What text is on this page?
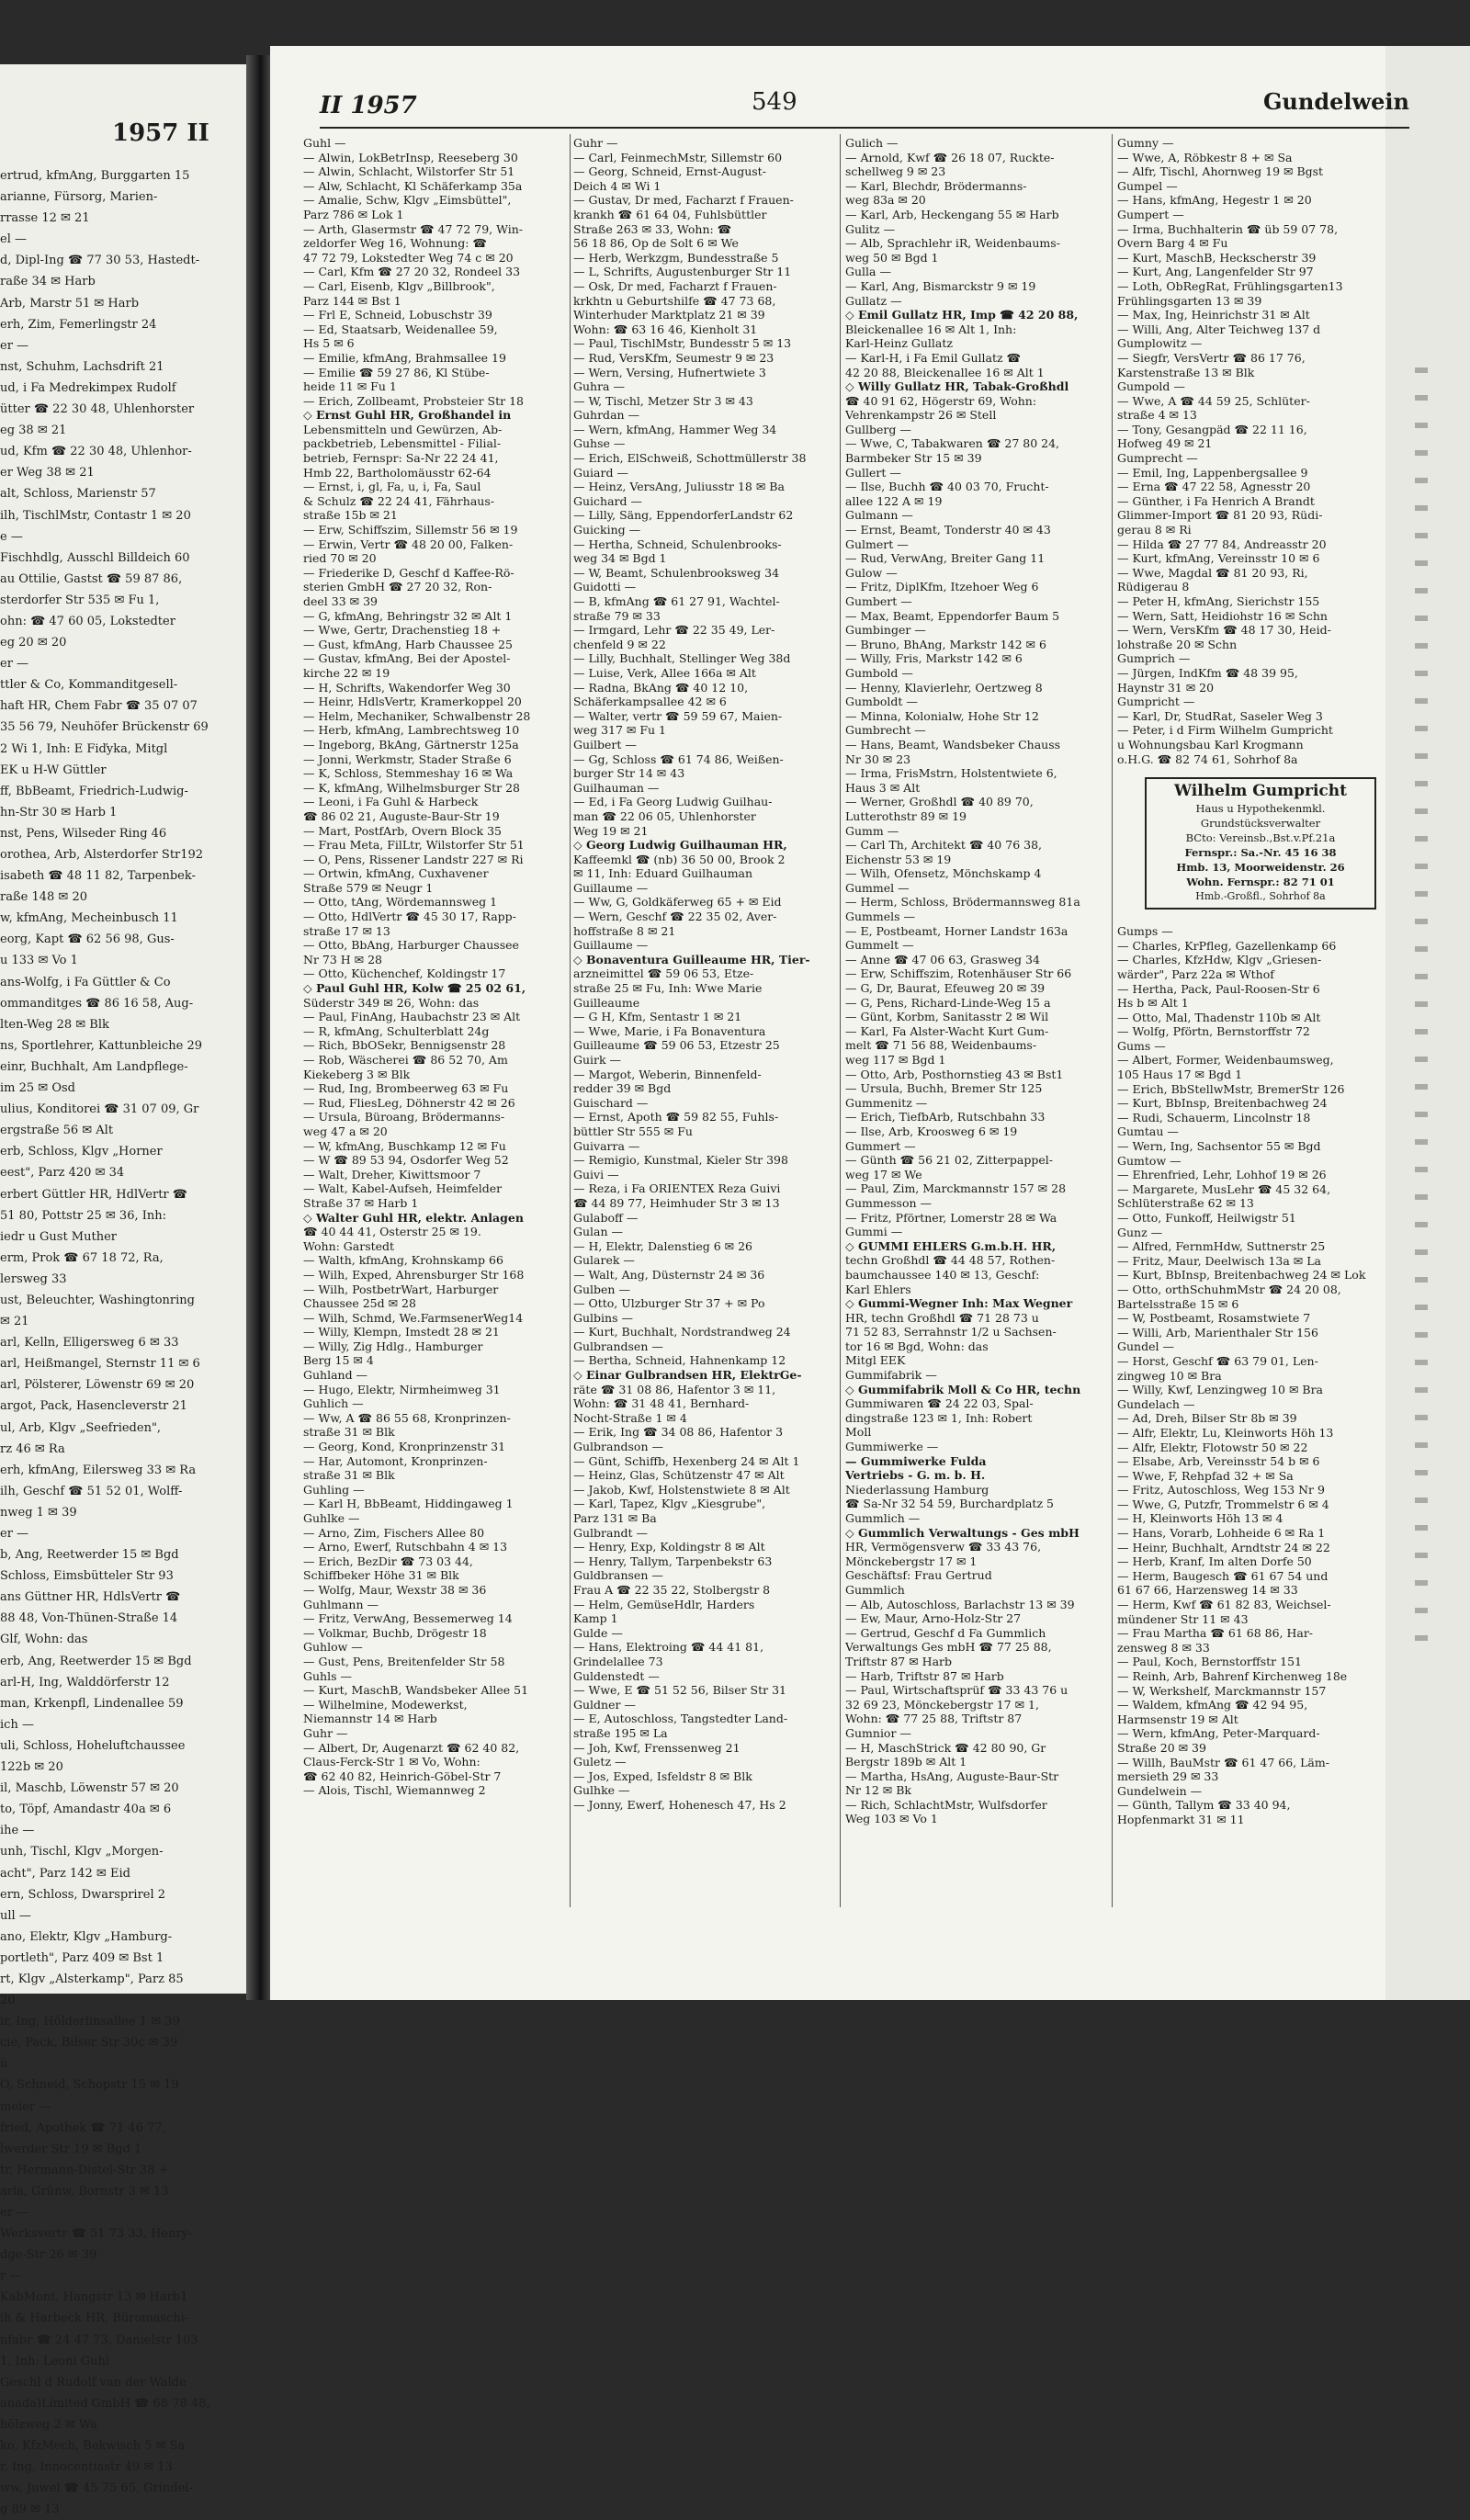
1957 II
ertrud, kfmAng, Burggarten 15
arianne, Fürsorg, Marien-
rrasse 12 ✉ 21
el —
d, Dipl-Ing ☎ 77 30 53, Hastedt-
raße 34 ✉ Harb
Arb, Marstr 51 ✉ Harb
erh, Zim, Femerlingstr 24
er —
nst, Schuhm, Lachsdrift 21
ud, i Fa Medrekimpex Rudolf
ütter ☎ 22 30 48, Uhlenhorster
eg 38 ✉ 21
ud, Kfm ☎ 22 30 48, Uhlenhor-
er Weg 38 ✉ 21
alt, Schloss, Marienstr 57
ilh, TischlMstr, Contastr 1 ✉ 20
e —
Fischhdlg, Ausschl Billdeich 60
au Ottilie, Gastst ☎ 59 87 86,
sterdorfer Str 535 ✉ Fu 1,
ohn: ☎ 47 60 05, Lokstedter
eg 20 ✉ 20
er —
ttler & Co, Kommanditgesell-
haft HR, Chem Fabr ☎ 35 07 07
35 56 79, Neuhöfer Brückenstr 69
2 Wi 1, Inh: E Fiďyka, Mitgl
EK u H-W Güttler
ff, BbBeamt, Friedrich-Ludwig-
hn-Str 30 ✉ Harb 1
nst, Pens, Wilseder Ring 46
orothea, Arb, Alsterdorfer Str192
isabeth ☎ 48 11 82, Tarpenbek-
raße 148 ✉ 20
w, kfmAng, Mecheinbusch 11
eorg, Kapt ☎ 62 56 98, Gus-
u 133 ✉ Vo 1
ans-Wolfg, i Fa Güttler & Co
ommanditges ☎ 86 16 58, Aug-
lten-Weg 28 ✉ Blk
ns, Sportlehrer, Kattunbleiche 29
einr, Buchhalt, Am Landpflege-
im 25 ✉ Osd
ulius, Konditorei ☎ 31 07 09, Gr
ergstraße 56 ✉ Alt
erb, Schloss, Klgv „Horner
eest", Parz 420 ✉ 34
erbert Güttler HR, HdlVertr ☎
51 80, Pottstr 25 ✉ 36, Inh:
iedr u Gust Muther
erm, Prok ☎ 67 18 72, Ra,
lersweg 33
ust, Beleuchter, Washingtonring
✉ 21
arl, Kelln, Elligersweg 6 ✉ 33
arl, Heißmangel, Sternstr 11 ✉ 6
arl, Pölsterer, Löwenstr 69 ✉ 20
argot, Pack, Hasencleverstr 21
ul, Arb, Klgv „Seefrieden",
rz 46 ✉ Ra
erh, kfmAng, Eilersweg 33 ✉ Ra
ilh, Geschf ☎ 51 52 01, Wolff-
nweg 1 ✉ 39
er —
b, Ang, Reetwerder 15 ✉ Bgd
Schloss, Eimsbütteler Str 93
ans Güttner HR, HdlsVertr ☎
88 48, Von-Thünen-Straße 14
Glf, Wohn: das
erb, Ang, Reetwerder 15 ✉ Bgd
arl-H, Ing, Walddörferstr 12
man, Krkenpfl, Lindenallee 59
ich —
uli, Schloss, Hoheluftchaussee
122b ✉ 20
il, Maschb, Löwenstr 57 ✉ 20
to, Töpf, Amandastr 40a ✉ 6
ihe —
unh, Tischl, Klgv „Morgen-
acht", Parz 142 ✉ Eid
ern, Schloss, Dwarsprirel 2
ull —
ano, Elektr, Klgv „Hamburg-
portleth", Parz 409 ✉ Bst 1
rt, Klgv „Alsterkamp", Parz 85
20
ir, Ing, Hölderlinsallee 1 ✉ 39
cie, Pack, Bilser Str 30c ✉ 39
ü
O, Schneid, Schopstr 15 ✉ 19
meier —
fried, Apothek ☎ 71 46 77,
lwerder Str 19 ✉ Bgd 1
tr, Hermann-Distel-Str 38 +
arla, Grünw, Bornstr 3 ✉ 13
er —
Werksvertr ☎ 51 73 33, Henry-
dge-Str 26 ✉ 39
r —
KabMont, Hangstr 13 ✉ Harb1
ih & Harbeck HR, Büromaschi-
nfabr ☎ 24 47 73, Danielstr 103
1, Inh: Leoni Guhl
Geschl d Rudolf van der Walde
anada)Limited GmbH ☎ 68 78 48,
hölzweg 2 ✉ Wa
ko, KfzMech, Bekwisch 5 ✉ Sa
r, Ing, Innocentiastr 49 ✉ 13
ww, Juwel ☎ 45 75 65, Grindel-
g 89 ✉ 13
II 1957	549	Gundelwein
Guhl —
— Alwin, LokBetrInsp, Reeseberg 30
— Alwin, Schlacht, Wilstorfer Str 51
— Alw, Schlacht, Kl Schäferkamp 35a
— Amalie, Schw, Klgv „Eimsbüttel",
Parz 786 ✉ Lok 1
— Arth, Glasermstr ☎ 47 72 79, Win-
zeldorfer Weg 16, Wohnung: ☎
47 72 79, Lokstedter Weg 74 c ✉ 20
— Carl, Kfm ☎ 27 20 32, Rondeel 33
— Carl, Eisenb, Klgv „Billbrook",
Parz 144 ✉ Bst 1
— Frl E, Schneid, Lobuschstr 39
— Ed, Staatsarb, Weidenallee 59,
Hs 5 ✉ 6
— Emilie, kfmAng, Brahmsallee 19
— Emilie ☎ 59 27 86, Kl Stübe-
heide 11 ✉ Fu 1
— Erich, Zollbeamt, Probsteier Str 18
◇ Ernst Guhl HR, Großhandel in
Lebensmitteln und Gewürzen, Ab-
packbetrieb, Lebensmittel - Filial-
betrieb, Fernspr: Sa-Nr 22 24 41,
Hmb 22, Bartholomäusstr 62-64
— Ernst, i, gl, Fa, u, i, Fa, Saul
& Schulz ☎ 22 24 41, Fährhaus-
straße 15b ✉ 21
— Erw, Schiffszim, Sillemstr 56 ✉ 19
— Erwin, Vertr ☎ 48 20 00, Falken-
ried 70 ✉ 20
— Friederike D, Geschf d Kaffee-Rö-
sterien GmbH ☎ 27 20 32, Ron-
deel 33 ✉ 39
— G, kfmAng, Behringstr 32 ✉ Alt 1
— Wwe, Gertr, Drachenstieg 18 +
— Gust, kfmAng, Harb Chaussee 25
— Gustav, kfmAng, Bei der Apostel-
kirche 22 ✉ 19
— H, Schrifts, Wakendorfer Weg 30
— Heinr, HdlsVertr, Kramerkoppel 20
— Helm, Mechaniker, Schwalbenstr 28
— Herb, kfmAng, Lambrechtsweg 10
— Ingeborg, BkAng, Gärtnerstr 125a
— Jonni, Werkmstr, Stader Straße 6
— K, Schloss, Stemmeshay 16 ✉ Wa
— K, kfmAng, Wilhelmsburger Str 28
— Leoni, i Fa Guhl & Harbeck
☎ 86 02 21, Auguste-Baur-Str 19
— Mart, PostfArb, Overn Block 35
— Frau Meta, FilLtr, Wilstorfer Str 51
— O, Pens, Rissener Landstr 227 ✉ Ri
— Ortwin, kfmAng, Cuxhavener
Straße 579 ✉ Neugr 1
— Otto, tAng, Wördemannsweg 1
— Otto, HdlVertr ☎ 45 30 17, Rapp-
straße 17 ✉ 13
— Otto, BbAng, Harburger Chaussee
Nr 73 H ✉ 28
— Otto, Küchenchef, Koldingstr 17
◇ Paul Guhl HR, Kolw ☎ 25 02 61,
Süderstr 349 ✉ 26, Wohn: das
— Paul, FinAng, Haubachstr 23 ✉ Alt
— R, kfmAng, Schulterblatt 24g
— Rich, BbOSekr, Bennigsenstr 28
— Rob, Wäscherei ☎ 86 52 70, Am
Kiekeberg 3 ✉ Blk
— Rud, Ing, Brombeerweg 63 ✉ Fu
— Rud, FliesLeg, Döhnerstr 42 ✉ 26
— Ursula, Büroang, Brödermanns-
weg 47 a ✉ 20
— W, kfmAng, Buschkamp 12 ✉ Fu
— W ☎ 89 53 94, Osdorfer Weg 52
— Walt, Dreher, Kiwittsmoor 7
— Walt, Kabel-Aufseh, Heimfelder
Straße 37 ✉ Harb 1
◇ Walter Guhl HR, elektr. Anlagen
☎ 40 44 41, Osterstr 25 ✉ 19.
Wohn: Garstedt
— Walth, kfmAng, Krohnskamp 66
— Wilh, Exped, Ahrensburger Str 168
— Wilh, PostbetrWart, Harburger
Chaussee 25d ✉ 28
— Wilh, Schmd, We.FarmsenerWeg14
— Willy, Klempn, Imstedt 28 ✉ 21
— Willy, Zig Hdlg., Hamburger
Berg 15 ✉ 4
Guhland —
— Hugo, Elektr, Nirmheimweg 31
Guhlich —
— Ww, A ☎ 86 55 68, Kronprinzen-
straße 31 ✉ Blk
— Georg, Kond, Kronprinzenstr 31
— Har, Automont, Kronprinzen-
straße 31 ✉ Blk
Guhling —
— Karl H, BbBeamt, Hiddingaweg 1
Guhlke —
— Arno, Zim, Fischers Allee 80
— Arno, Ewerf, Rutschbahn 4 ✉ 13
— Erich, BezDir ☎ 73 03 44,
Schiffbeker Höhe 31 ✉ Blk
— Wolfg, Maur, Wexstr 38 ✉ 36
Guhlmann —
— Fritz, VerwAng, Bessemerweg 14
— Volkmar, Buchb, Drögestr 18
Guhlow —
— Gust, Pens, Breitenfelder Str 58
Guhls —
— Kurt, MaschB, Wandsbeker Allee 51
— Wilhelmine, Modewerkst,
Niemannstr 14 ✉ Harb
Guhr —
— Albert, Dr, Augenarzt ☎ 62 40 82,
Claus-Ferck-Str 1 ✉ Vo, Wohn:
☎ 62 40 82, Heinrich-Göbel-Str 7
— Alois, Tischl, Wiemannweg 2
Guhr —
— Carl, FeinmechMstr, Sillemstr 60
— Georg, Schneid, Ernst-August-
Deich 4 ✉ Wi 1
— Gustav, Dr med, Facharzt f Frauen-
krankh ☎ 61 64 04, Fuhlsbüttler
Straße 263 ✉ 33, Wohn: ☎
56 18 86, Op de Solt 6 ✉ We
— Herb, Werkzgm, Bundesstraße 5
— L, Schrifts, Augustenburger Str 11
— Osk, Dr med, Facharzt f Frauen-
krkhtn u Geburtshilfe ☎ 47 73 68,
Winterhuder Marktplatz 21 ✉ 39
Wohn: ☎ 63 16 46, Kienholt 31
— Paul, TischlMstr, Bundesstr 5 ✉ 13
— Rud, VersKfm, Seumestr 9 ✉ 23
— Wern, Versing, Hufnertwiete 3
Guhra —
— W, Tischl, Metzer Str 3 ✉ 43
Guhrdan —
— Wern, kfmAng, Hammer Weg 34
Guhse —
— Erich, ElSchweiß, Schottmüllerstr 38
Guiard —
— Heinz, VersAng, Juliusstr 18 ✉ Ba
Guichard —
— Lilly, Säng, EppendorferLandstr 62
Guicking —
— Hertha, Schneid, Schulenbrooks-
weg 34 ✉ Bgd 1
— W, Beamt, Schulenbrooksweg 34
Guidotti —
— B, kfmAng ☎ 61 27 91, Wachtel-
straße 79 ✉ 33
— Irmgard, Lehr ☎ 22 35 49, Ler-
chenfeld 9 ✉ 22
— Lilly, Buchhalt, Stellinger Weg 38d
— Luise, Verk, Allee 166a ✉ Alt
— Radna, BkAng ☎ 40 12 10,
Schäferkampsallee 42 ✉ 6
— Walter, vertr ☎ 59 59 67, Maien-
weg 317 ✉ Fu 1
Guilbert —
— Gg, Schloss ☎ 61 74 86, Weißen-
burger Str 14 ✉ 43
Guilhauman —
— Ed, i Fa Georg Ludwig Guilhau-
man ☎ 22 06 05, Uhlenhorster
Weg 19 ✉ 21
◇ Georg Ludwig Guilhauman HR,
Kaffeemkl ☎ (nb) 36 50 00, Brook 2
✉ 11, Inh: Eduard Guilhauman
Guillaume —
— Ww, G, Goldkäferweg 65 + ✉ Eid
— Wern, Geschf ☎ 22 35 02, Aver-
hoffstraße 8 ✉ 21
Guillaume —
◇ Bonaventura Guilleaume HR, Tier-
arzneimittel ☎ 59 06 53, Etze-
straße 25 ✉ Fu, Inh: Wwe Marie
Guilleaume
— G H, Kfm, Sentastr 1 ✉ 21
— Wwe, Marie, i Fa Bonaventura
Guilleaume ☎ 59 06 53, Etzestr 25
Guirk —
— Margot, Weberin, Binnenfeld-
redder 39 ✉ Bgd
Guischard —
— Ernst, Apoth ☎ 59 82 55, Fuhls-
büttler Str 555 ✉ Fu
Guivarra —
— Remigio, Kunstmal, Kieler Str 398
Guivi —
— Reza, i Fa ORIENTEX Reza Guivi
☎ 44 89 77, Heimhuder Str 3 ✉ 13
Gulaboff —
Gulan —
— H, Elektr, Dalenstieg 6 ✉ 26
Gularek —
— Walt, Ang, Düsternstr 24 ✉ 36
Gulben —
— Otto, Ulzburger Str 37 + ✉ Po
Gulbins —
— Kurt, Buchhalt, Nordstrandweg 24
Gulbrandsen —
— Bertha, Schneid, Hahnenkamp 12
◇ Einar Gulbrandsen HR, ElektrGe-
räte ☎ 31 08 86, Hafentor 3 ✉ 11,
Wohn: ☎ 31 48 41, Bernhard-
Nocht-Straße 1 ✉ 4
— Erik, Ing ☎ 34 08 86, Hafentor 3
Gulbrandson —
— Günt, Schiffb, Hexenberg 24 ✉ Alt 1
— Heinz, Glas, Schützenstr 47 ✉ Alt
— Jakob, Kwf, Holstenstwiete 8 ✉ Alt
— Karl, Tapez, Klgv „Kiesgrube",
Parz 131 ✉ Ba
Gulbrandt —
— Henry, Exp, Koldingstr 8 ✉ Alt
— Henry, Tallym, Tarpenbekstr 63
Guldbransen —
Frau A ☎ 22 35 22, Stolbergstr 8
— Helm, GemüseHdlr, Harders
Kamp 1
Gulde —
— Hans, Elektroing ☎ 44 41 81,
Grindelallee 73
Guldenstedt —
— Wwe, E ☎ 51 52 56, Bilser Str 31
Guldner —
— E, Autoschloss, Tangstedter Land-
straße 195 ✉ La
— Joh, Kwf, Frenssenweg 21
Guletz —
— Jos, Exped, Isfeldstr 8 ✉ Blk
Gulhke —
— Jonny, Ewerf, Hohenesch 47, Hs 2
Gulich —
— Arnold, Kwf ☎ 26 18 07, Ruckte-
schellweg 9 ✉ 23
— Karl, Blechdr, Brödermanns-
weg 83a ✉ 20
— Karl, Arb, Heckengang 55 ✉ Harb
Gulitz —
— Alb, Sprachlehr iR, Weidenbaums-
weg 50 ✉ Bgd 1
Gulla —
— Karl, Ang, Bismarckstr 9 ✉ 19
Gullatz —
◇ Emil Gullatz HR, Imp ☎ 42 20 88,
Bleickenallee 16 ✉ Alt 1, Inh:
Karl-Heinz Gullatz
— Karl-H, i Fa Emil Gullatz ☎
42 20 88, Bleickenallee 16 ✉ Alt 1
◇ Willy Gullatz HR, Tabak-Großhdl
☎ 40 91 62, Högerstr 69, Wohn:
Vehrenkampstr 26 ✉ Stell
Gullberg —
— Wwe, C, Tabakwaren ☎ 27 80 24,
Barmbeker Str 15 ✉ 39
Gullert —
— Ilse, Buchh ☎ 40 03 70, Frucht-
allee 122 A ✉ 19
Gulmann —
— Ernst, Beamt, Tonderstr 40 ✉ 43
Gulmert —
— Rud, VerwAng, Breiter Gang 11
Gulow —
— Fritz, DiplKfm, Itzehoer Weg 6
Gumbert —
— Max, Beamt, Eppendorfer Baum 5
Gumbinger —
— Bruno, BhAng, Markstr 142 ✉ 6
— Willy, Fris, Markstr 142 ✉ 6
Gumbold —
— Henny, Klavierlehr, Oertzweg 8
Gumboldt —
— Minna, Kolonialw, Hohe Str 12
Gumbrecht —
— Hans, Beamt, Wandsbeker Chauss
Nr 30 ✉ 23
— Irma, FrisMstrn, Holstentwiete 6,
Haus 3 ✉ Alt
— Werner, Großhdl ☎ 40 89 70,
Lutterothstr 89 ✉ 19
Gumm —
— Carl Th, Architekt ☎ 40 76 38,
Eichenstr 53 ✉ 19
— Wilh, Ofensetz, Mönchskamp 4
Gummel —
— Herm, Schloss, Brödermannsweg 81a
Gummels —
— E, Postbeamt, Horner Landstr 163a
Gummelt —
— Anne ☎ 47 06 63, Grasweg 34
— Erw, Schiffszim, Rotenhäuser Str 66
— G, Dr, Baurat, Efeuweg 20 ✉ 39
— G, Pens, Richard-Linde-Weg 15 a
— Günt, Korbm, Sanitasstr 2 ✉ Wil
— Karl, Fa Alster-Wacht Kurt Gum-
melt ☎ 71 56 88, Weidenbaums-
weg 117 ✉ Bgd 1
— Otto, Arb, Posthornstieg 43 ✉ Bst1
— Ursula, Buchh, Bremer Str 125
Gummenitz —
— Erich, TiefbArb, Rutschbahn 33
— Ilse, Arb, Kroosweg 6 ✉ 19
Gummert —
— Günth ☎ 56 21 02, Zitterpappel-
weg 17 ✉ We
— Paul, Zim, Marckmannstr 157 ✉ 28
Gummesson —
— Fritz, Pförtner, Lomerstr 28 ✉ Wa
Gummi —
◇ GUMMI EHLERS G.m.b.H. HR,
techn Großhdl ☎ 44 48 57, Rothen-
baumchaussee 140 ✉ 13, Geschf:
Karl Ehlers
◇ Gummi-Wegner Inh: Max Wegner
HR, techn Großhdl ☎ 71 28 73 u
71 52 83, Serrahnstr 1/2 u Sachsen-
tor 16 ✉ Bgd, Wohn: das
Mitgl EEK
Gummifabrik —
◇ Gummifabrik Moll & Co HR, techn
Gummiwaren ☎ 24 22 03, Spal-
dingstraße 123 ✉ 1, Inh: Robert
Moll
Gummiwerke —
— Gummiwerke Fulda
Vertriebs - G. m. b. H.
Niederlassung Hamburg
☎ Sa-Nr 32 54 59, Burchardplatz 5
Gummlich —
◇ Gummlich Verwaltungs - Ges mbH
HR, Vermögensverw ☎ 33 43 76,
Mönckebergstr 17 ✉ 1
Geschäftsf: Frau Gertrud
Gummlich
— Alb, Autoschloss, Barlachstr 13 ✉ 39
— Ew, Maur, Arno-Holz-Str 27
— Gertrud, Geschf d Fa Gummlich
Verwaltungs Ges mbH ☎ 77 25 88,
Triftstr 87 ✉ Harb
— Harb, Triftstr 87 ✉ Harb
— Paul, Wirtschaftsprüf ☎ 33 43 76 u
32 69 23, Mönckebergstr 17 ✉ 1,
Wohn: ☎ 77 25 88, Triftstr 87
Gumnior —
— H, MaschStrick ☎ 42 80 90, Gr
Bergstr 189b ✉ Alt 1
— Martha, HsAng, Auguste-Baur-Str
Nr 12 ✉ Bk
— Rich, SchlachtMstr, Wulfsdorfer
Weg 103 ✉ Vo 1
Gumny —
— Wwe, A, Röbkestr 8 + ✉ Sa
— Alfr, Tischl, Ahornweg 19 ✉ Bgst
Gumpel —
— Hans, kfmAng, Hegestr 1 ✉ 20
Gumpert —
— Irma, Buchhalterin ☎ üb 59 07 78,
Overn Barg 4 ✉ Fu
— Kurt, MaschB, Heckscherstr 39
— Kurt, Ang, Langenfelder Str 97
— Loth, ObRegRat, Frühlingsgarten13
Frühlingsgarten 13 ✉ 39
— Max, Ing, Heinrichstr 31 ✉ Alt
— Willi, Ang, Alter Teichweg 137 d
Gumplowitz —
— Siegfr, VersVertr ☎ 86 17 76,
Karstenstraße 13 ✉ Blk
Gumpold —
— Wwe, A ☎ 44 59 25, Schlüter-
straße 4 ✉ 13
— Tony, Gesangpäd ☎ 22 11 16,
Hofweg 49 ✉ 21
Gumprecht —
— Emil, Ing, Lappenbergsallee 9
— Erna ☎ 47 22 58, Agnesstr 20
— Günther, i Fa Henrich A Brandt
Glimmer-Import ☎ 81 20 93, Rüdi-
gerau 8 ✉ Ri
— Hilda ☎ 27 77 84, Andreasstr 20
— Kurt, kfmAng, Vereinsstr 10 ✉ 6
— Wwe, Magdal ☎ 81 20 93, Ri,
Rüdigerau 8
— Peter H, kfmAng, Sierichstr 155
— Wern, Satt, Heidiohstr 16 ✉ Schn
— Wern, VersKfm ☎ 48 17 30, Heid-
lohstraße 20 ✉ Schn
Gumprich —
— Jürgen, IndKfm ☎ 48 39 95,
Haynstr 31 ✉ 20
Gumpricht —
— Karl, Dr, StudRat, Saseler Weg 3
— Peter, i d Firm Wilhelm Gumpricht
u Wohnungsbau Karl Krogmann
o.H.G. ☎ 82 74 61, Sohrhof 8a
Wilhelm Gumpricht
Haus u Hypothekenmkl.
Grundstücksverwalter
BCto: Vereinsb.,Bst.v.Pf.21a
Fernspr.: Sa.-Nr. 45 16 38
Hmb. 13, Moorweidenstr. 26
Wohn. Fernspr.: 82 71 01
Hmb.-Großfl., Sohrhof 8a
Gumps —
— Charles, KrPfleg, Gazellenkamp 66
— Charles, KfzHdw, Klgv „Griesen-
wärder", Parz 22a ✉ Wthof
— Hertha, Pack, Paul-Roosen-Str 6
Hs b ✉ Alt 1
— Otto, Mal, Thadenstr 110b ✉ Alt
— Wolfg, Pförtn, Bernstorffstr 72
Gums —
— Albert, Former, Weidenbaumsweg,
105 Haus 17 ✉ Bgd 1
— Erich, BbStellwMstr, BremerStr 126
— Kurt, BbInsp, Breitenbachweg 24
— Rudi, Schauerm, Lincolnstr 18
Gumtau —
— Wern, Ing, Sachsentor 55 ✉ Bgd
Gumtow —
— Ehrenfried, Lehr, Lohhof 19 ✉ 26
— Margarete, MusLehr ☎ 45 32 64,
Schlüterstraße 62 ✉ 13
— Otto, Funkoff, Heilwigstr 51
Gunz —
— Alfred, FernmHdw, Suttnerstr 25
— Fritz, Maur, Deelwisch 13a ✉ La
— Kurt, BbInsp, Breitenbachweg 24 ✉ Lok
— Otto, orthSchuhmMstr ☎ 24 20 08,
Bartelsstraße 15 ✉ 6
— W, Postbeamt, Rosamstwiete 7
— Willi, Arb, Marienthaler Str 156
Gundel —
— Horst, Geschf ☎ 63 79 01, Len-
zingweg 10 ✉ Bra
— Willy, Kwf, Lenzingweg 10 ✉ Bra
Gundelach —
— Ad, Dreh, Bilser Str 8b ✉ 39
— Alfr, Elektr, Lu, Kleinworts Höh 13
— Alfr, Elektr, Flotowstr 50 ✉ 22
— Elsabe, Arb, Vereinsstr 54 b ✉ 6
— Wwe, F, Rehpfad 32 + ✉ Sa
— Fritz, Autoschloss, Weg 153 Nr 9
— Wwe, G, Putzfr, Trommelstr 6 ✉ 4
— H, Kleinworts Höh 13 ✉ 4
— Hans, Vorarb, Lohheide 6 ✉ Ra 1
— Heinr, Buchhalt, Arndtstr 24 ✉ 22
— Herb, Kranf, Im alten Dorfe 50
— Herm, Baugesch ☎ 61 67 54 und
61 67 66, Harzensweg 14 ✉ 33
— Herm, Kwf ☎ 61 82 83, Weichsel-
mündener Str 11 ✉ 43
— Frau Martha ☎ 61 68 86, Har-
zensweg 8 ✉ 33
— Paul, Koch, Bernstorffstr 151
— Reinh, Arb, Bahrenf Kirchenweg 18e
— W, Werkshelf, Marckmannstr 157
— Waldem, kfmAng ☎ 42 94 95,
Harmsenstr 19 ✉ Alt
— Wern, kfmAng, Peter-Marquard-
Straße 20 ✉ 39
— Willh, BauMstr ☎ 61 47 66, Läm-
mersieth 29 ✉ 33
Gundelwein —
— Günth, Tallym ☎ 33 40 94,
Hopfenmarkt 31 ✉ 11
